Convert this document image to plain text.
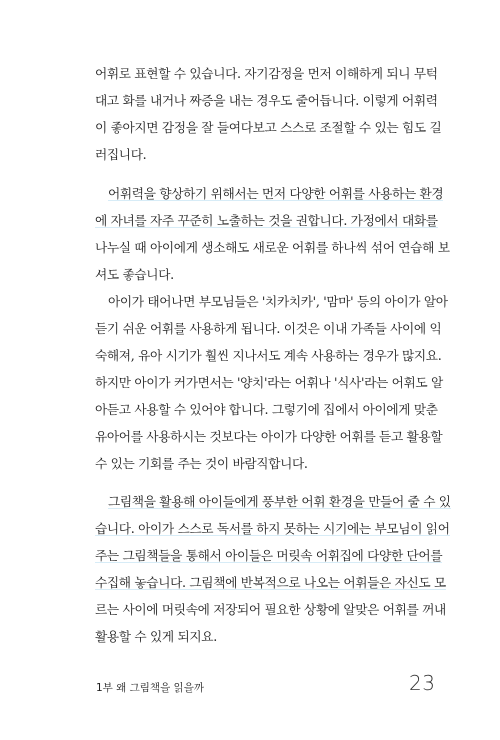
어휘로 표현할 수 있습니다. 자기감정을 먼저 이해하게 되니 무턱
대고 화를 내거나 짜증을 내는 경우도 줄어듭니다. 이렇게 어휘력
이 좋아지면 감정을 잘 들여다보고 스스로 조절할 수 있는 힘도 길
러집니다.
어휘력을 향상하기 위해서는 먼저 다양한 어휘를 사용하는 환경
에 자녀를 자주 꾸준히 노출하는 것을 권합니다. 가정에서 대화를
나누실 때 아이에게 생소해도 새로운 어휘를 하나씩 섞어 연습해 보
셔도 좋습니다.
아이가 태어나면 부모님들은 '치카치카', '맘마' 등의 아이가 알아
듣기 쉬운 어휘를 사용하게 됩니다. 이것은 이내 가족들 사이에 익
숙해져, 유아 시기가 훨씬 지나서도 계속 사용하는 경우가 많지요.
하지만 아이가 커가면서는 '양치'라는 어휘나 '식사'라는 어휘도 알
아듣고 사용할 수 있어야 합니다. 그렇기에 집에서 아이에게 맞춘
유아어를 사용하시는 것보다는 아이가 다양한 어휘를 듣고 활용할
수 있는 기회를 주는 것이 바람직합니다.
그림책을 활용해 아이들에게 풍부한 어휘 환경을 만들어 줄 수 있
습니다. 아이가 스스로 독서를 하지 못하는 시기에는 부모님이 읽어
주는 그림책들을 통해서 아이들은 머릿속 어휘집에 다양한 단어를
수집해 놓습니다. 그림책에 반복적으로 나오는 어휘들은 자신도 모
르는 사이에 머릿속에 저장되어 필요한 상황에 알맞은 어휘를 꺼내
활용할 수 있게 되지요.
1부 왜 그림책을 읽을까	23
